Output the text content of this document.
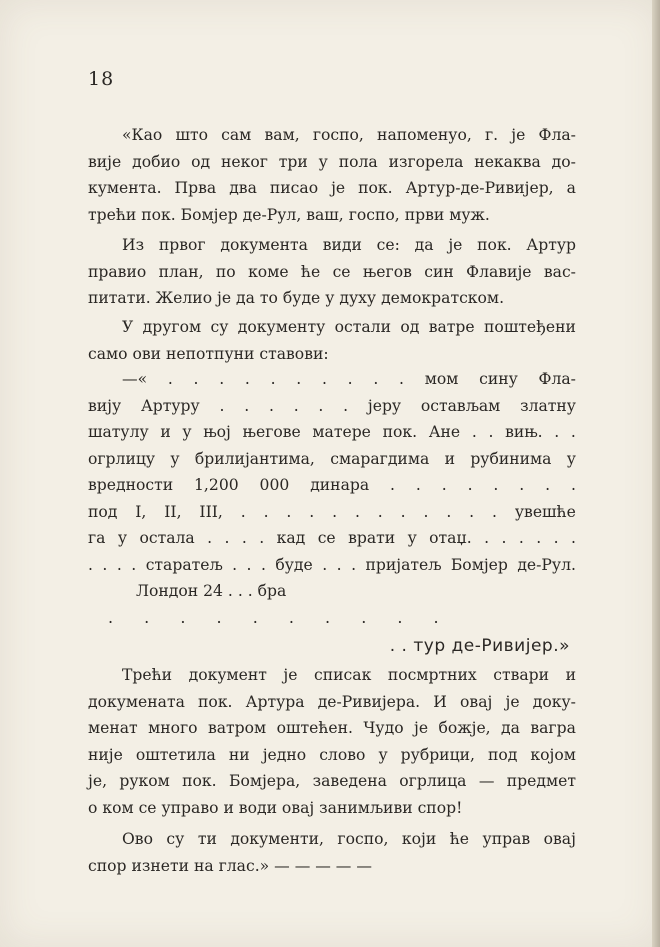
18
«Као што сам вам, госпо, напоменуо, г. је Фла-
вије добио од неког три у пола изгорела некаква до-
кумента. Прва два писао је пок. Артур-де-Ривијер, а
трећи пок. Бомјер де-Рул, ваш, госпо, први муж.
Из првог документа види се: да је пок. Артур
правио план, по коме ће се његов син Флавије вас-
питати. Желио је да то буде у духу демократском.
У другом су документу остали од ватре поштеђени
само ови непотпуни ставови:
—« . . . . . . . . . . мом сину Фла-
вију Артуру . . . . . . јеру остављам златну
шатулу и у њој његове матере пок. Ане . . вињ. . .
огрлицу у брилијантима, смарагдима и рубинима у
вредности 1,200 000 динара . . . . . . . .
под I, II, III, . . . . . . . . . . . . увешће
га у остала . . . . кад се врати у отаџ. . . . . . .
. . . . старатељ . . . буде . . . пријатељ Бомјер де-Рул.
Лондон 24 . . . бра
. . . . . . . . . .
. . тур де-Ривијер.»
Трећи документ је списак посмртних ствари и
докумената пок. Артура де-Ривијера. И овај је доку-
менат много ватром оштећен. Чудо је божје, да вагра
није оштетила ни једно слово у рубрици, под којом
је, руком пок. Бомјера, заведена огрлица — предмет
о ком се управо и води овај занимљиви спор!
Ово су ти документи, госпо, који ће управ овај
спор изнети на глас.» — — — — —
